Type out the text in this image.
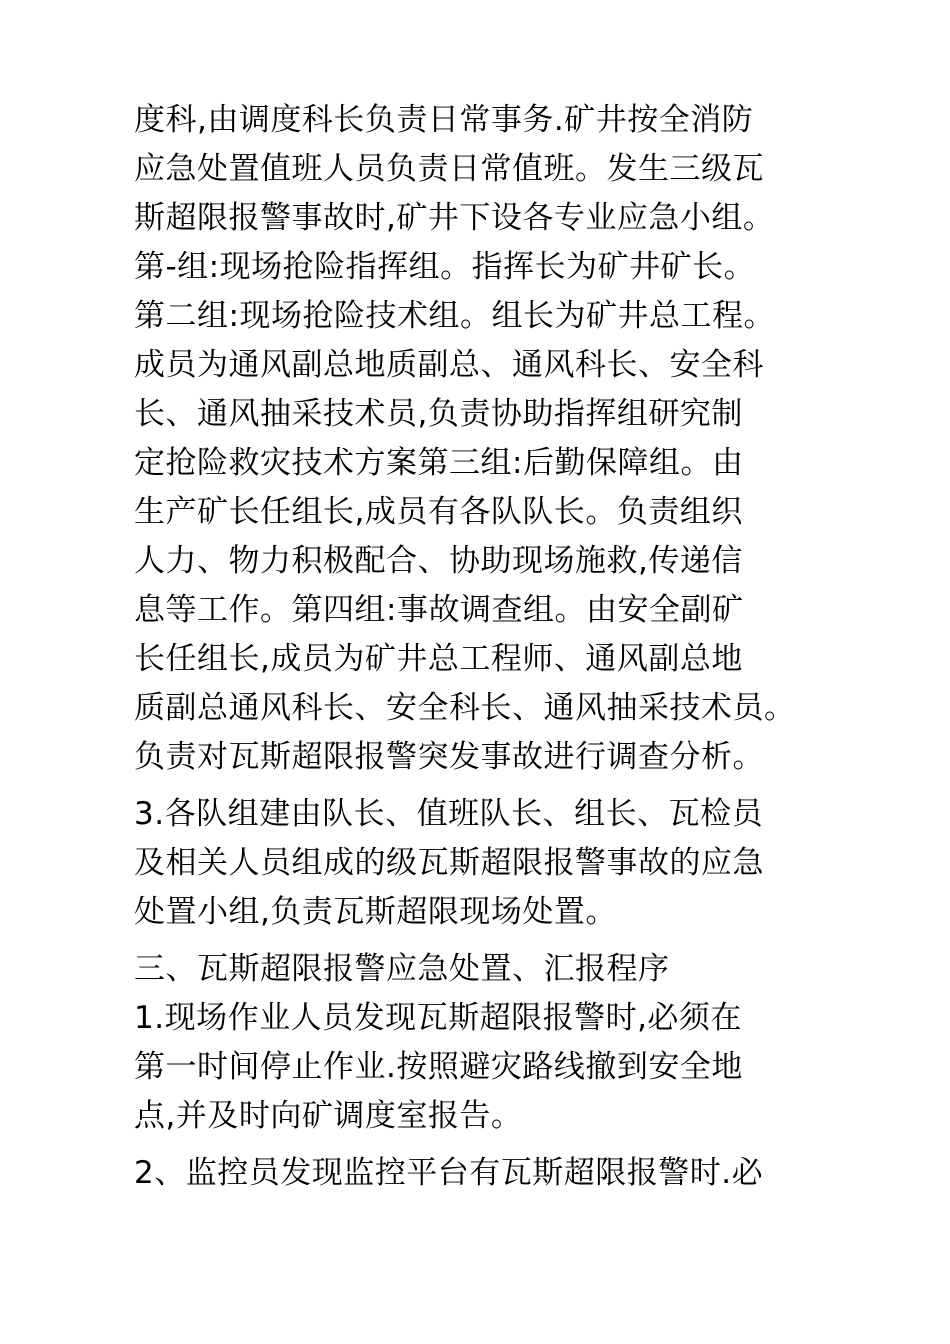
度科,由调度科长负责日常事务.矿井按全消防
应急处置值班人员负责日常值班。发生三级瓦
斯超限报警事故时,矿井下设各专业应急小组。
第-组:现场抢险指挥组。指挥长为矿井矿长。
第二组:现场抢险技术组。组长为矿井总工程。
成员为通风副总地质副总、通风科长、安全科
长、通风抽采技术员,负责协助指挥组研究制
定抢险救灾技术方案第三组:后勤保障组。由
生产矿长任组长,成员有各队队长。负责组织
人力、物力积极配合、协助现场施救,传递信
息等工作。第四组:事故调查组。由安全副矿
长任组长,成员为矿井总工程师、通风副总地
质副总通风科长、安全科长、通风抽采技术员。
负责对瓦斯超限报警突发事故进行调查分析。
3.各队组建由队长、值班队长、组长、瓦检员
及相关人员组成的级瓦斯超限报警事故的应急
处置小组,负责瓦斯超限现场处置。
三、瓦斯超限报警应急处置、汇报程序
1.现场作业人员发现瓦斯超限报警时,必须在
第一时间停止作业.按照避灾路线撤到安全地
点,并及时向矿调度室报告。
2、监控员发现监控平台有瓦斯超限报警时.必
